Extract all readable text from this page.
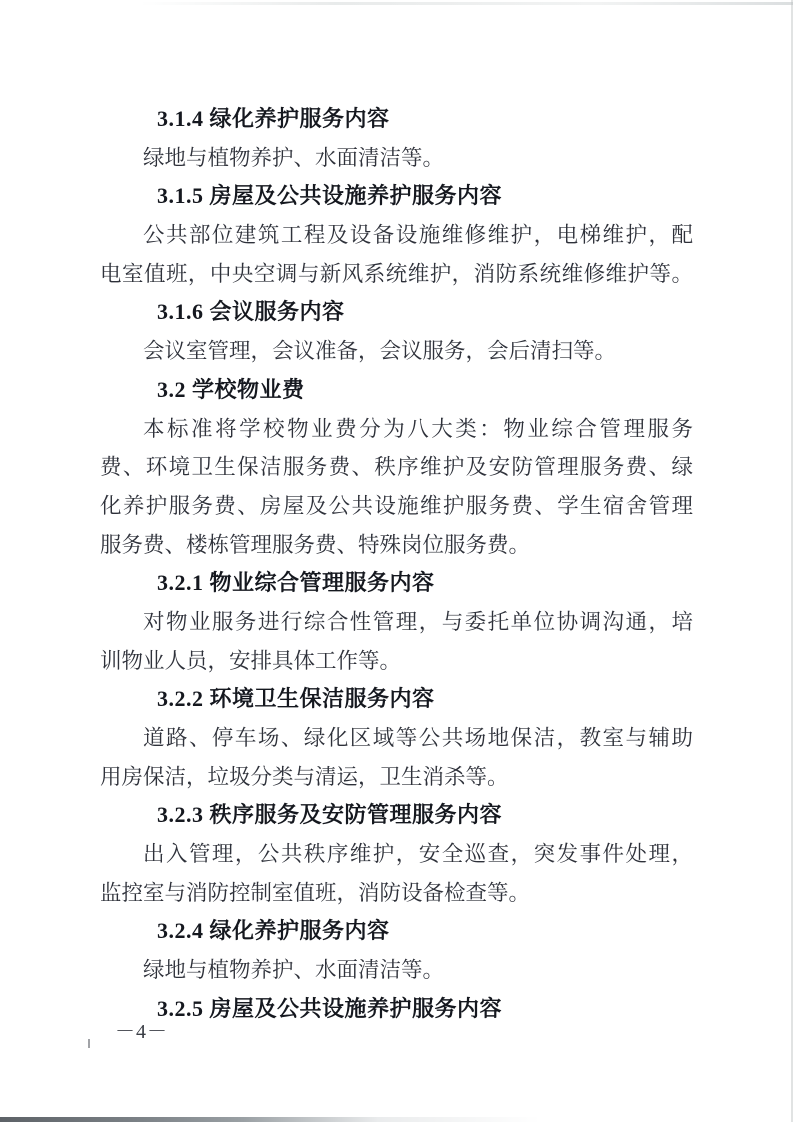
3.1.4 绿化养护服务内容
绿地与植物养护、水面清洁等。
3.1.5 房屋及公共设施养护服务内容
公共部位建筑工程及设备设施维修维护，电梯维护，配
电室值班，中央空调与新风系统维护，消防系统维修维护等。
3.1.6 会议服务内容
会议室管理，会议准备，会议服务，会后清扫等。
3.2 学校物业费
本标准将学校物业费分为八大类：物业综合管理服务
费、环境卫生保洁服务费、秩序维护及安防管理服务费、绿
化养护服务费、房屋及公共设施维护服务费、学生宿舍管理
服务费、楼栋管理服务费、特殊岗位服务费。
3.2.1 物业综合管理服务内容
对物业服务进行综合性管理，与委托单位协调沟通，培
训物业人员，安排具体工作等。
3.2.2 环境卫生保洁服务内容
道路、停车场、绿化区域等公共场地保洁，教室与辅助
用房保洁，垃圾分类与清运，卫生消杀等。
3.2.3 秩序服务及安防管理服务内容
出入管理，公共秩序维护，安全巡查，突发事件处理，
监控室与消防控制室值班，消防设备检查等。
3.2.4 绿化养护服务内容
绿地与植物养护、水面清洁等。
3.2.5 房屋及公共设施养护服务内容
－4－
